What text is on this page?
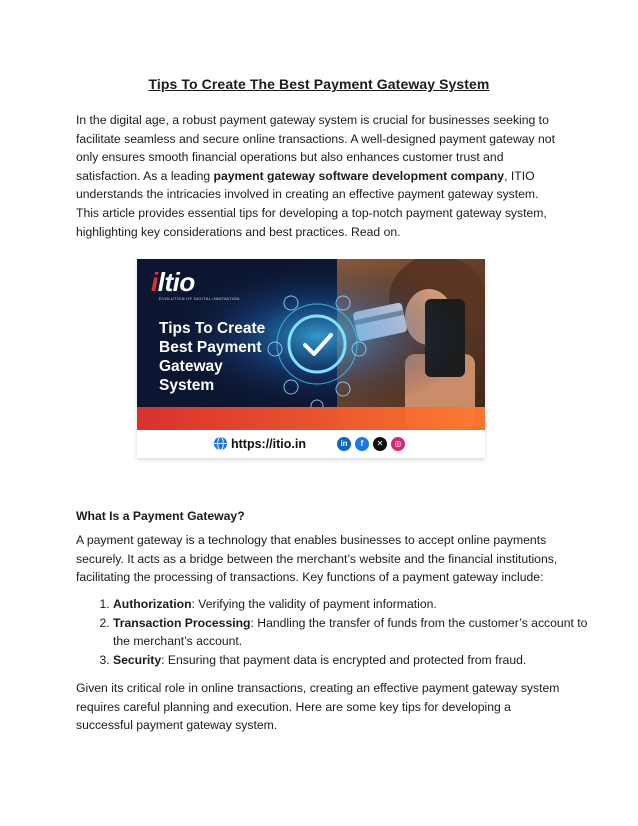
Tips To Create The Best Payment Gateway System

In the digital age, a robust payment gateway system is crucial for businesses seeking to facilitate seamless and secure online transactions. A well-designed payment gateway not only ensures smooth financial operations but also enhances customer trust and satisfaction. As a leading payment gateway software development company, ITIO understands the intricacies involved in creating an effective payment gateway system. This article provides essential tips for developing a top-notch payment gateway system, highlighting key considerations and best practices. Read on.

iltio
EVOLUTION OF DIGITAL INNOVATION
Tips To Create Best Payment Gateway System
https://itio.in	in	f	✕	◎

What Is a Payment Gateway?

A payment gateway is a technology that enables businesses to accept online payments securely. It acts as a bridge between the merchant’s website and the financial institutions, facilitating the processing of transactions. Key functions of a payment gateway include:

1. Authorization: Verifying the validity of payment information.
2. Transaction Processing: Handling the transfer of funds from the customer’s account to the merchant’s account.
3. Security: Ensuring that payment data is encrypted and protected from fraud.

Given its critical role in online transactions, creating an effective payment gateway system requires careful planning and execution. Here are some key tips for developing a successful payment gateway system.
